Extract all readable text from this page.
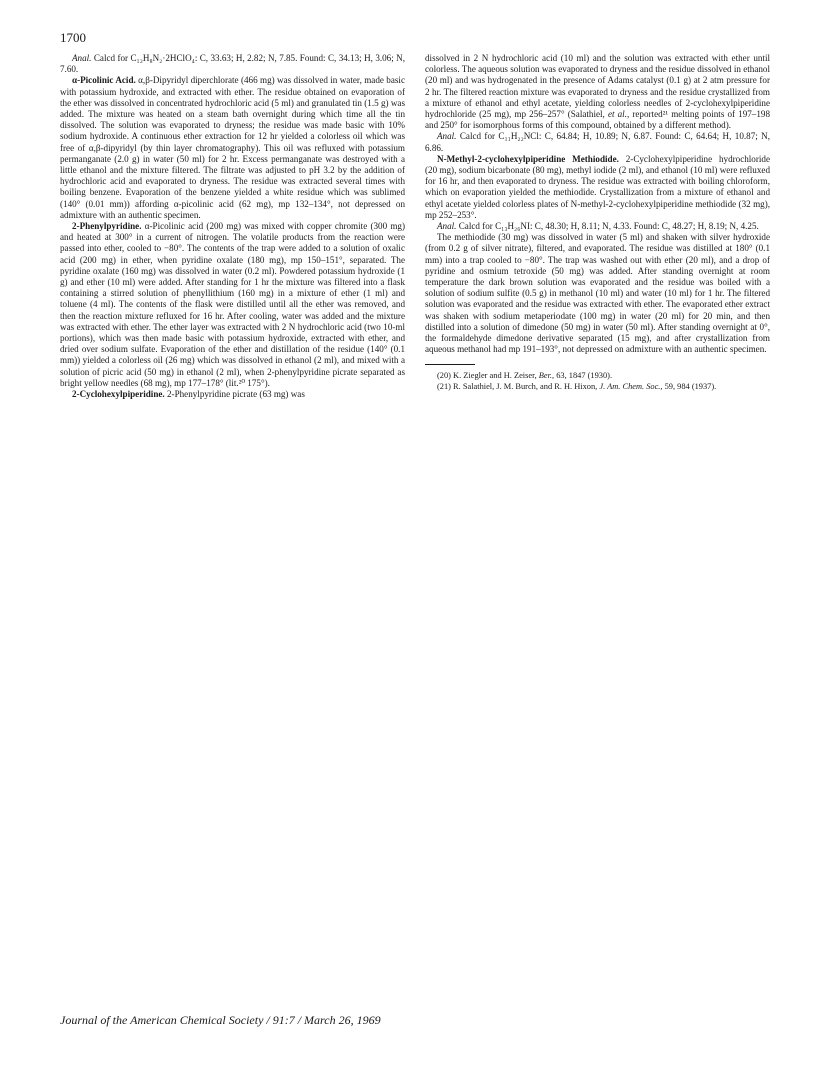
1700

Anal. Calcd for C₁₂H₈N₂·2HClO₄: C, 33.63; H, 2.82; N, 7.85. Found: C, 34.13; H, 3.06; N, 7.60.

α-Picolinic Acid. α,β-Dipyridyl diperchlorate (466 mg) was dissolved in water, made basic with potassium hydroxide, and extracted with ether. The residue obtained on evaporation of the ether was dissolved in concentrated hydrochloric acid (5 ml) and granulated tin (1.5 g) was added. The mixture was heated on a steam bath overnight during which time all the tin dissolved. The solution was evaporated to dryness; the residue was made basic with 10% sodium hydroxide. A continuous ether extraction for 12 hr yielded a colorless oil which was free of α,β-dipyridyl (by thin layer chromatography). This oil was refluxed with potassium permanganate (2.0 g) in water (50 ml) for 2 hr. Excess permanganate was destroyed with a little ethanol and the mixture filtered. The filtrate was adjusted to pH 3.2 by the addition of hydrochloric acid and evaporated to dryness. The residue was extracted several times with boiling benzene. Evaporation of the benzene yielded a white residue which was sublimed (140° (0.01 mm)) affording α-picolinic acid (62 mg), mp 132–134°, not depressed on admixture with an authentic specimen.

2-Phenylpyridine. α-Picolinic acid (200 mg) was mixed with copper chromite (300 mg) and heated at 300° in a current of nitrogen. The volatile products from the reaction were passed into ether, cooled to −80°. The contents of the trap were added to a solution of oxalic acid (200 mg) in ether, when pyridine oxalate (180 mg), mp 150–151°, separated. The pyridine oxalate (160 mg) was dissolved in water (0.2 ml). Powdered potassium hydroxide (1 g) and ether (10 ml) were added. After standing for 1 hr the mixture was filtered into a flask containing a stirred solution of phenyllithium (160 mg) in a mixture of ether (1 ml) and toluene (4 ml). The contents of the flask were distilled until all the ether was removed, and then the reaction mixture refluxed for 16 hr. After cooling, water was added and the mixture was extracted with ether. The ether layer was extracted with 2 N hydrochloric acid (two 10-ml portions), which was then made basic with potassium hydroxide, extracted with ether, and dried over sodium sulfate. Evaporation of the ether and distillation of the residue (140° (0.1 mm)) yielded a colorless oil (26 mg) which was dissolved in ethanol (2 ml), and mixed with a solution of picric acid (50 mg) in ethanol (2 ml), when 2-phenylpyridine picrate separated as bright yellow needles (68 mg), mp 177–178° (lit.²⁰ 175°).

2-Cyclohexylpiperidine. 2-Phenylpyridine picrate (63 mg) was

dissolved in 2 N hydrochloric acid (10 ml) and the solution was extracted with ether until colorless. The aqueous solution was evaporated to dryness and the residue dissolved in ethanol (20 ml) and was hydrogenated in the presence of Adams catalyst (0.1 g) at 2 atm pressure for 2 hr. The filtered reaction mixture was evaporated to dryness and the residue crystallized from a mixture of ethanol and ethyl acetate, yielding colorless needles of 2-cyclohexylpiperidine hydrochloride (25 mg), mp 256–257° (Salathiel, et al., reported²¹ melting points of 197–198 and 250° for isomorphous forms of this compound, obtained by a different method).

Anal. Calcd for C₁₁H₂₂NCl: C, 64.84; H, 10.89; N, 6.87. Found: C, 64.64; H, 10.87; N, 6.86.

N-Methyl-2-cyclohexylpiperidine Methiodide. 2-Cyclohexylpiperidine hydrochloride (20 mg), sodium bicarbonate (80 mg), methyl iodide (2 ml), and ethanol (10 ml) were refluxed for 16 hr, and then evaporated to dryness. The residue was extracted with boiling chloroform, which on evaporation yielded the methiodide. Crystallization from a mixture of ethanol and ethyl acetate yielded colorless plates of N-methyl-2-cyclohexylpiperidine methiodide (32 mg), mp 252–253°.

Anal. Calcd for C₁₃H₂₆NI: C, 48.30; H, 8.11; N, 4.33. Found: C, 48.27; H, 8.19; N, 4.25.

The methiodide (30 mg) was dissolved in water (5 ml) and shaken with silver hydroxide (from 0.2 g of silver nitrate), filtered, and evaporated. The residue was distilled at 180° (0.1 mm) into a trap cooled to −80°. The trap was washed out with ether (20 ml), and a drop of pyridine and osmium tetroxide (50 mg) was added. After standing overnight at room temperature the dark brown solution was evaporated and the residue was boiled with a solution of sodium sulfite (0.5 g) in methanol (10 ml) and water (10 ml) for 1 hr. The filtered solution was evaporated and the residue was extracted with ether. The evaporated ether extract was shaken with sodium metaperiodate (100 mg) in water (20 ml) for 20 min, and then distilled into a solution of dimedone (50 mg) in water (50 ml). After standing overnight at 0°, the formaldehyde dimedone derivative separated (15 mg), and after crystallization from aqueous methanol had mp 191–193°, not depressed on admixture with an authentic specimen.

(20) K. Ziegler and H. Zeiser, Ber., 63, 1847 (1930).

(21) R. Salathiel, J. M. Burch, and R. H. Hixon, J. Am. Chem. Soc., 59, 984 (1937).

Journal of the American Chemical Society / 91:7 / March 26, 1969
